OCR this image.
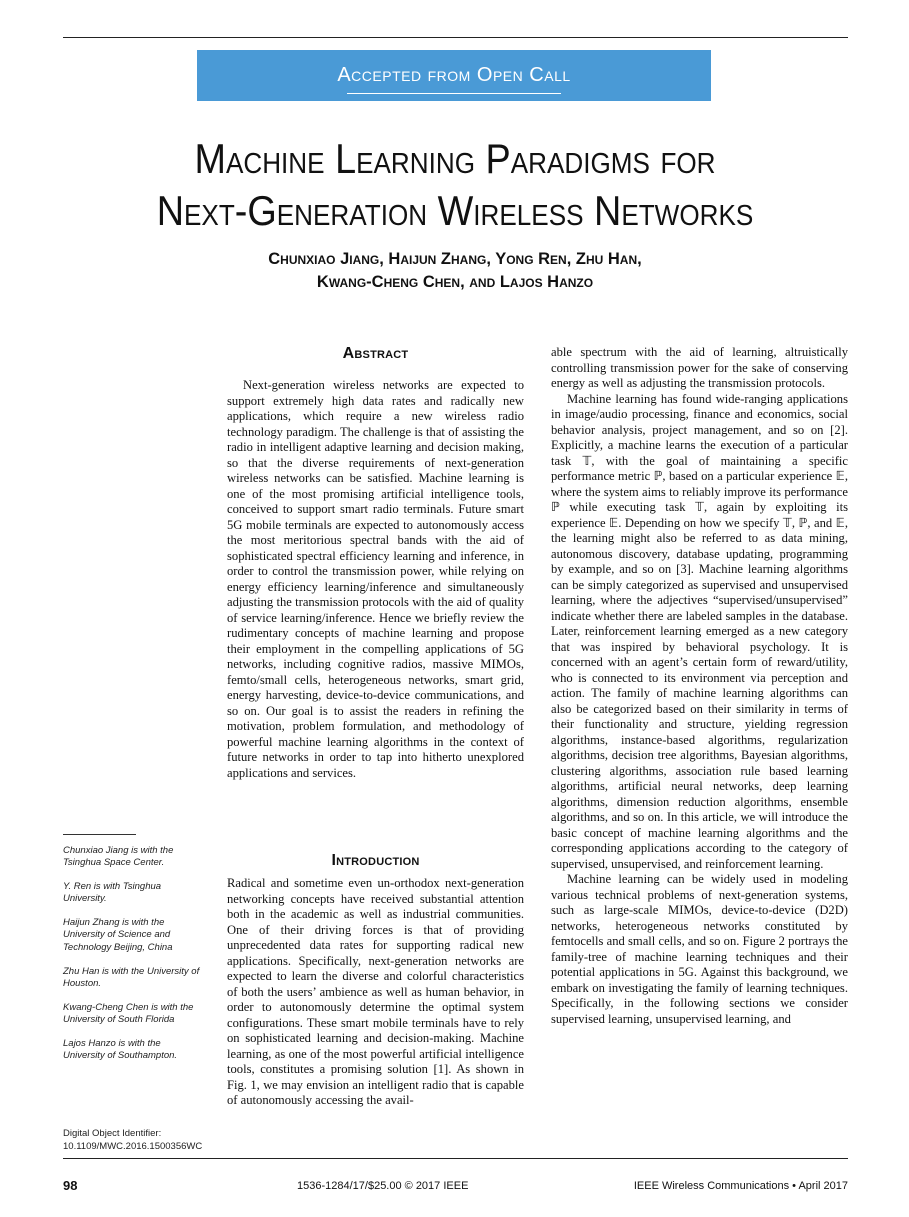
Accepted from Open Call
Machine Learning Paradigms for
Next-Generation Wireless Networks
Chunxiao Jiang, Haijun Zhang, Yong Ren, Zhu Han,
Kwang-Cheng Chen, and Lajos Hanzo
Abstract

Next-generation wireless networks are expected to support extremely high data rates and radically new applications, which require a new wireless radio technology paradigm. The challenge is that of assisting the radio in intelligent adaptive learning and decision making, so that the diverse requirements of next-generation wireless networks can be satisfied. Machine learning is one of the most promising artificial intelligence tools, conceived to support smart radio terminals. Future smart 5G mobile terminals are expected to autonomously access the most meritorious spectral bands with the aid of sophisticated spectral efficiency learning and inference, in order to control the transmission power, while relying on energy efficiency learning/inference and simultaneously adjusting the transmission protocols with the aid of quality of service learning/inference. Hence we briefly review the rudimentary concepts of machine learning and propose their employment in the compelling applications of 5G networks, including cognitive radios, massive MIMOs, femto/small cells, heterogeneous networks, smart grid, energy harvesting, device-to-device communications, and so on. Our goal is to assist the readers in refining the motivation, problem formulation, and methodology of powerful machine learning algorithms in the context of future networks in order to tap into hitherto unexplored applications and services.

Introduction

Radical and sometime even un-orthodox next-generation networking concepts have received substantial attention both in the academic as well as industrial communities. One of their driving forces is that of providing unprecedented data rates for supporting radical new applications. Specifically, next-generation networks are expected to learn the diverse and colorful characteristics of both the users’ ambience as well as human behavior, in order to autonomously determine the optimal system configurations. These smart mobile terminals have to rely on sophisticated learning and decision-making. Machine learning, as one of the most powerful artificial intelligence tools, constitutes a promising solution [1]. As shown in Fig. 1, we may envision an intelligent radio that is capable of autonomously accessing the avail-

able spectrum with the aid of learning, altruistically controlling transmission power for the sake of conserving energy as well as adjusting the transmission protocols.

Machine learning has found wide-ranging applications in image/audio processing, finance and economics, social behavior analysis, project management, and so on [2]. Explicitly, a machine learns the execution of a particular task 𝕋, with the goal of maintaining a specific performance metric ℙ, based on a particular experience 𝔼, where the system aims to reliably improve its performance ℙ while executing task 𝕋, again by exploiting its experience 𝔼. Depending on how we specify 𝕋, ℙ, and 𝔼, the learning might also be referred to as data mining, autonomous discovery, database updating, programming by example, and so on [3]. Machine learning algorithms can be simply categorized as supervised and unsupervised learning, where the adjectives “supervised/unsupervised” indicate whether there are labeled samples in the database. Later, reinforcement learning emerged as a new category that was inspired by behavioral psychology. It is concerned with an agent’s certain form of reward/utility, who is connected to its environment via perception and action. The family of machine learning algorithms can also be categorized based on their similarity in terms of their functionality and structure, yielding regression algorithms, instance-based algorithms, regularization algorithms, decision tree algorithms, Bayesian algorithms, clustering algorithms, association rule based learning algorithms, artificial neural networks, deep learning algorithms, dimension reduction algorithms, ensemble algorithms, and so on. In this article, we will introduce the basic concept of machine learning algorithms and the corresponding applications according to the category of supervised, unsupervised, and reinforcement learning.

Machine learning can be widely used in modeling various technical problems of next-generation systems, such as large-scale MIMOs, device-to-device (D2D) networks, heterogeneous networks constituted by femtocells and small cells, and so on. Figure 2 portrays the family-tree of machine learning techniques and their potential applications in 5G. Against this background, we embark on investigating the family of learning techniques. Specifically, in the following sections we consider supervised learning, unsupervised learning, and

Chunxiao Jiang is with the Tsinghua Space Center.

Y. Ren is with Tsinghua University.

Haijun Zhang is with the University of Science and Technology Beijing, China

Zhu Han is with the University of Houston.

Kwang-Cheng Chen is with the University of South Florida

Lajos Hanzo is with the University of Southampton.

Digital Object Identifier:
10.1109/MWC.2016.1500356WC
98	1536-1284/17/$25.00 © 2017 IEEE	IEEE Wireless Communications • April 2017
